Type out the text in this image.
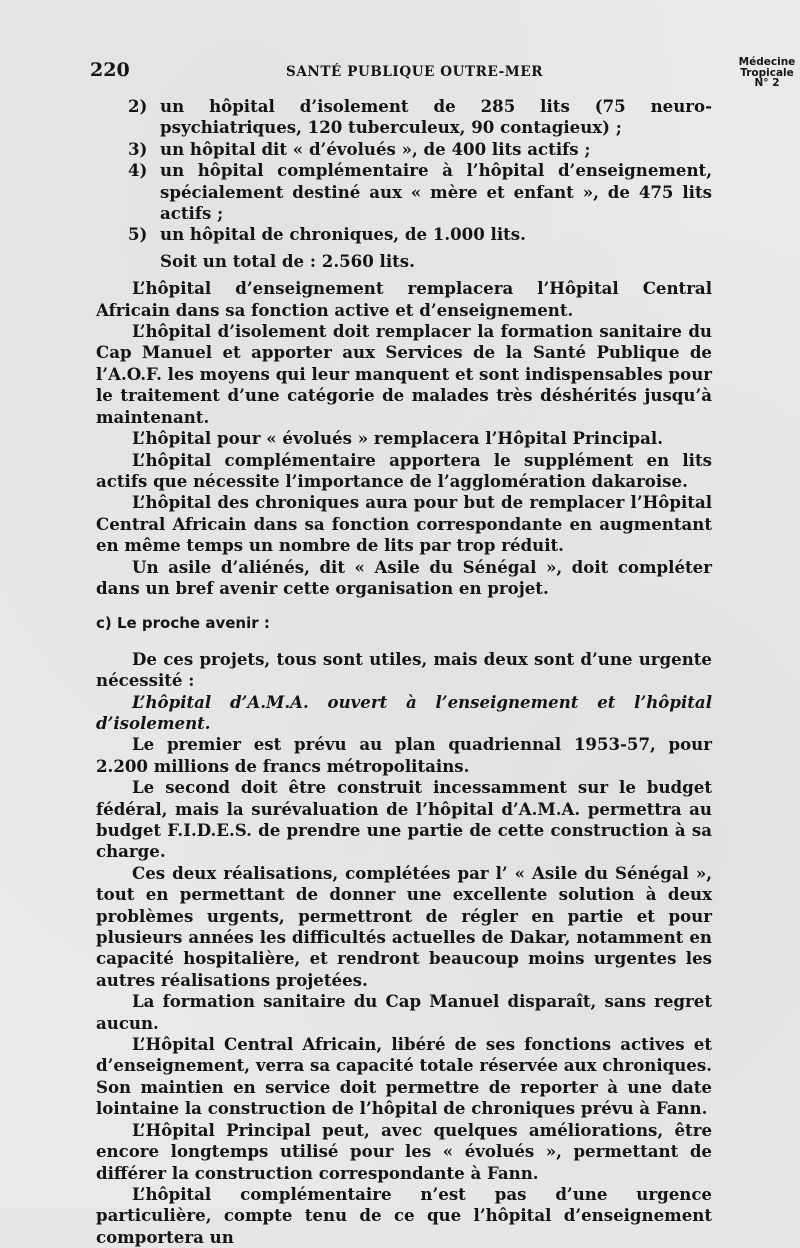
220	SANTÉ PUBLIQUE OUTRE-MER
Médecine
Tropicale
N° 2

2) un hôpital d’isolement de 285 lits (75 neuro-psychiatriques, 120 tuberculeux, 90 contagieux) ;

3) un hôpital dit « d’évolués », de 400 lits actifs ;

4) un hôpital complémentaire à l’hôpital d’enseignement, spécialement destiné aux « mère et enfant », de 475 lits actifs ;

5) un hôpital de chroniques, de 1.000 lits.

Soit un total de : 2.560 lits.

L’hôpital d’enseignement remplacera l’Hôpital Central Africain dans sa fonction active et d’enseignement.

L’hôpital d’isolement doit remplacer la formation sanitaire du Cap Manuel et apporter aux Services de la Santé Publique de l’A.O.F. les moyens qui leur manquent et sont indispensables pour le traitement d’une catégorie de malades très déshérités jusqu’à maintenant.

L’hôpital pour « évolués » remplacera l’Hôpital Principal.

L’hôpital complémentaire apportera le supplément en lits actifs que nécessite l’importance de l’agglomération dakaroise.

L’hôpital des chroniques aura pour but de remplacer l’Hôpital Central Africain dans sa fonction correspondante en augmentant en même temps un nombre de lits par trop réduit.

Un asile d’aliénés, dit « Asile du Sénégal », doit compléter dans un bref avenir cette organisation en projet.

c) Le proche avenir :

De ces projets, tous sont utiles, mais deux sont d’une urgente nécessité :

L’hôpital d’A.M.A. ouvert à l’enseignement et l’hôpital d’isolement.

Le premier est prévu au plan quadriennal 1953-57, pour 2.200 millions de francs métropolitains.

Le second doit être construit incessamment sur le budget fédéral, mais la surévaluation de l’hôpital d’A.M.A. permettra au budget F.I.D.E.S. de prendre une partie de cette construction à sa charge.

Ces deux réalisations, complétées par l’ « Asile du Sénégal », tout en permettant de donner une excellente solution à deux problèmes urgents, permettront de régler en partie et pour plusieurs années les difficultés actuelles de Dakar, notamment en capacité hospitalière, et rendront beaucoup moins urgentes les autres réalisations projetées.

La formation sanitaire du Cap Manuel disparaît, sans regret aucun.

L’Hôpital Central Africain, libéré de ses fonctions actives et d’enseignement, verra sa capacité totale réservée aux chroniques. Son maintien en service doit permettre de reporter à une date lointaine la construction de l’hôpital de chroniques prévu à Fann.

L’Hôpital Principal peut, avec quelques améliorations, être encore longtemps utilisé pour les « évolués », permettant de différer la construction correspondante à Fann.

L’hôpital complémentaire n’est pas d’une urgence particulière, compte tenu de ce que l’hôpital d’enseignement comportera un
